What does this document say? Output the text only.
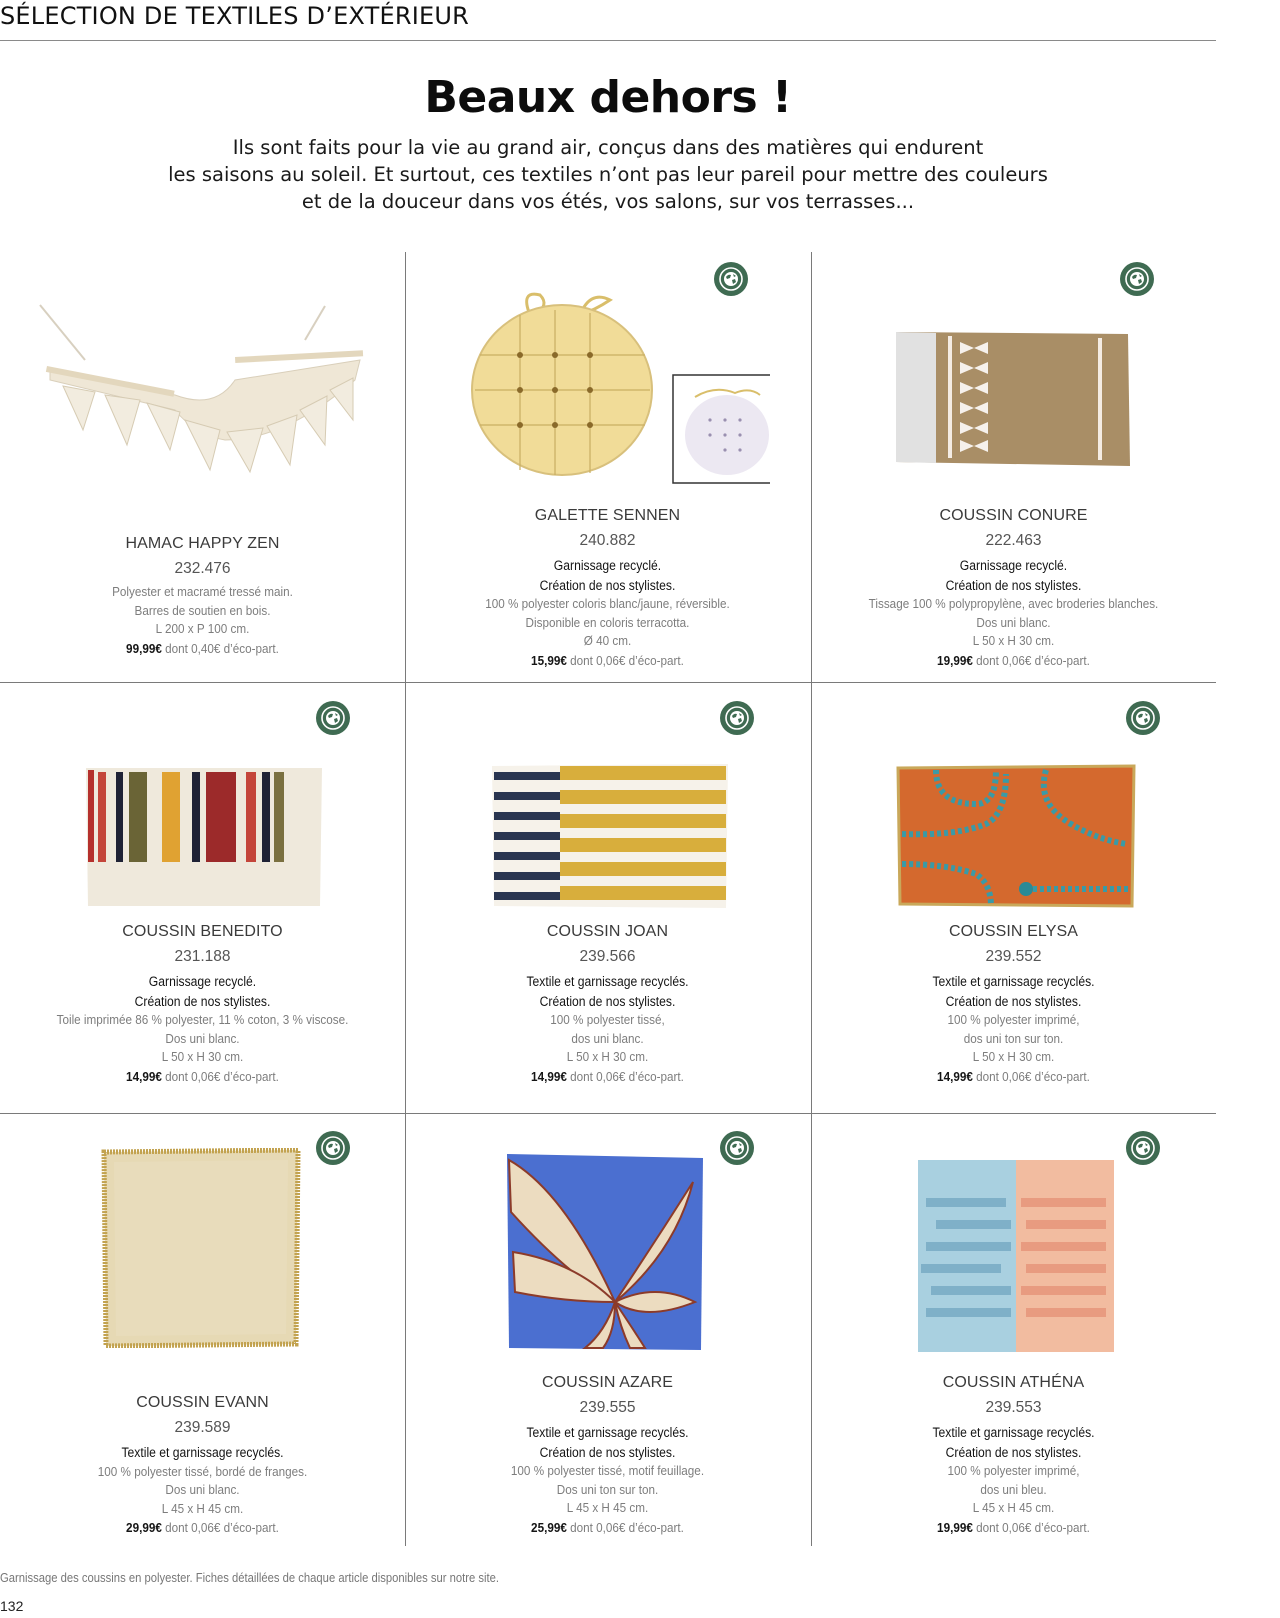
SÉLECTION DE TEXTILES D’EXTÉRIEUR
Beaux dehors !
Ils sont faits pour la vie au grand air, conçus dans des matières qui endurent
les saisons au soleil. Et surtout, ces textiles n’ont pas leur pareil pour mettre des couleurs
et de la douceur dans vos étés, vos salons, sur vos terrasses...
HAMAC HAPPY ZEN
232.476
Polyester et macramé tressé main.
Barres de soutien en bois.
L 200 x P 100 cm.
99,99€ dont 0,40€ d’éco-part.
GALETTE SENNEN
240.882
Garnissage recyclé.
Création de nos stylistes.
100 % polyester coloris blanc/jaune, réversible.
Disponible en coloris terracotta.
Ø 40 cm.
15,99€ dont 0,06€ d’éco-part.
COUSSIN CONURE
222.463
Garnissage recyclé.
Création de nos stylistes.
Tissage 100 % polypropylène, avec broderies blanches.
Dos uni blanc.
L 50 x H 30 cm.
19,99€ dont 0,06€ d’éco-part.
COUSSIN BENEDITO
231.188
Garnissage recyclé.
Création de nos stylistes.
Toile imprimée 86 % polyester, 11 % coton, 3 % viscose.
Dos uni blanc.
L 50 x H 30 cm.
14,99€ dont 0,06€ d’éco-part.
COUSSIN JOAN
239.566
Textile et garnissage recyclés.
Création de nos stylistes.
100 % polyester tissé,
dos uni blanc.
L 50 x H 30 cm.
14,99€ dont 0,06€ d’éco-part.
COUSSIN ELYSA
239.552
Textile et garnissage recyclés.
Création de nos stylistes.
100 % polyester imprimé,
dos uni ton sur ton.
L 50 x H 30 cm.
14,99€ dont 0,06€ d’éco-part.
COUSSIN EVANN
239.589
Textile et garnissage recyclés.
100 % polyester tissé, bordé de franges.
Dos uni blanc.
L 45 x H 45 cm.
29,99€ dont 0,06€ d’éco-part.
COUSSIN AZARE
239.555
Textile et garnissage recyclés.
Création de nos stylistes.
100 % polyester tissé, motif feuillage.
Dos uni ton sur ton.
L 45 x H 45 cm.
25,99€ dont 0,06€ d’éco-part.
COUSSIN ATHÉNA
239.553
Textile et garnissage recyclés.
Création de nos stylistes.
100 % polyester imprimé,
dos uni bleu.
L 45 x H 45 cm.
19,99€ dont 0,06€ d’éco-part.
Garnissage des coussins en polyester. Fiches détaillées de chaque article disponibles sur notre site.
132
